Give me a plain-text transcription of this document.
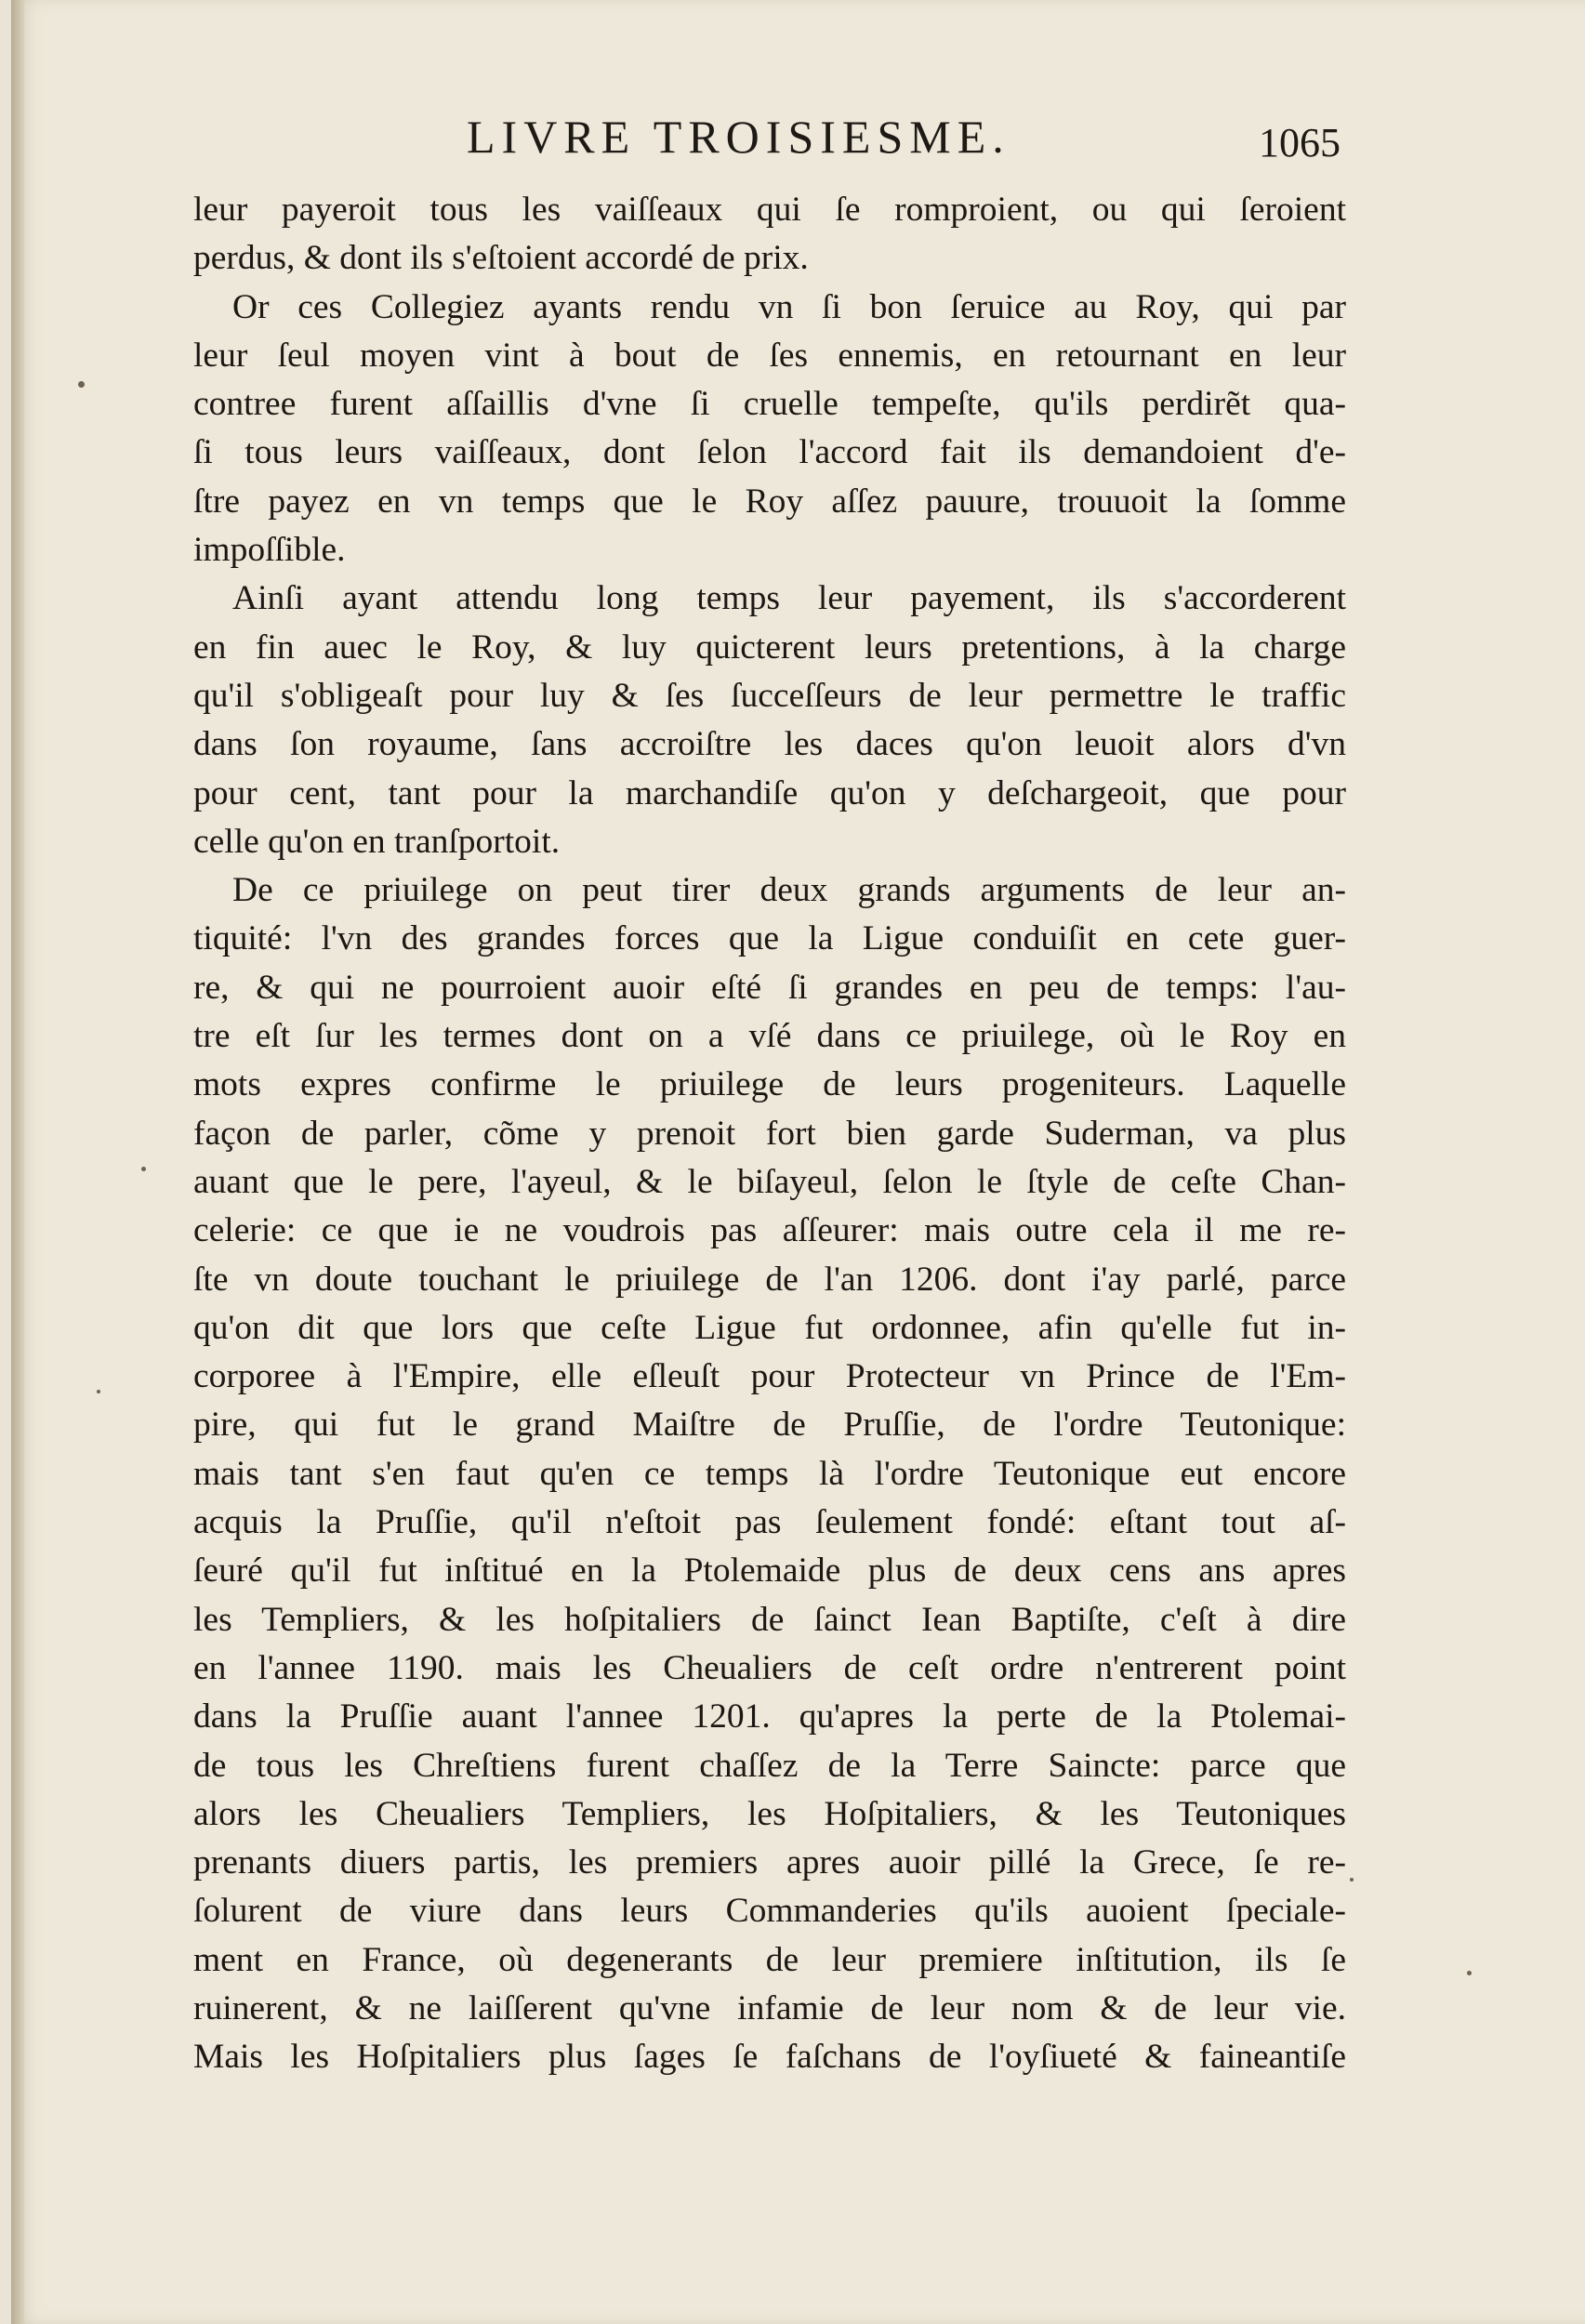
LIVRE TROISIESME.	1065
leur payeroit tous les vaiſſeaux qui ſe romproient, ou qui ſeroient
perdus, & dont ils s'eſtoient accordé de prix.
Or ces Collegiez ayants rendu vn ſi bon ſeruice au Roy, qui par
leur ſeul moyen vint à bout de ſes ennemis, en retournant en leur
contree furent aſſaillis d'vne ſi cruelle tempeſte, qu'ils perdirẽt qua-
ſi tous leurs vaiſſeaux, dont ſelon l'accord fait ils demandoient d'e-
ſtre payez en vn temps que le Roy aſſez pauure, trouuoit la ſomme
impoſſible.
Ainſi ayant attendu long temps leur payement, ils s'accorderent
en fin auec le Roy, & luy quicterent leurs pretentions, à la charge
qu'il s'obligeaſt pour luy & ſes ſucceſſeurs de leur permettre le traffic
dans ſon royaume, ſans accroiſtre les daces qu'on leuoit alors d'vn
pour cent, tant pour la marchandiſe qu'on y deſchargeoit, que pour
celle qu'on en tranſportoit.
De ce priuilege on peut tirer deux grands arguments de leur an-
tiquité: l'vn des grandes forces que la Ligue conduiſit en cete guer-
re, & qui ne pourroient auoir eſté ſi grandes en peu de temps: l'au-
tre eſt ſur les termes dont on a vſé dans ce priuilege, où le Roy en
mots expres confirme le priuilege de leurs progeniteurs. Laquelle
façon de parler, cõme y prenoit fort bien garde Suderman, va plus
auant que le pere, l'ayeul, & le biſayeul, ſelon le ſtyle de ceſte Chan-
celerie: ce que ie ne voudrois pas aſſeurer: mais outre cela il me re-
ſte vn doute touchant le priuilege de l'an 1206. dont i'ay parlé, parce
qu'on dit que lors que ceſte Ligue fut ordonnee, afin qu'elle fut in-
corporee à l'Empire, elle eſleuſt pour Protecteur vn Prince de l'Em-
pire, qui fut le grand Maiſtre de Pruſſie, de l'ordre Teutonique:
mais tant s'en faut qu'en ce temps là l'ordre Teutonique eut encore
acquis la Pruſſie, qu'il n'eſtoit pas ſeulement fondé: eſtant tout aſ-
ſeuré qu'il fut inſtitué en la Ptolemaide plus de deux cens ans apres
les Templiers, & les hoſpitaliers de ſainct Iean Baptiſte, c'eſt à dire
en l'annee 1190. mais les Cheualiers de ceſt ordre n'entrerent point
dans la Pruſſie auant l'annee 1201. qu'apres la perte de la Ptolemai-
de tous les Chreſtiens furent chaſſez de la Terre Saincte: parce que
alors les Cheualiers Templiers, les Hoſpitaliers, & les Teutoniques
prenants diuers partis, les premiers apres auoir pillé la Grece, ſe re-
ſolurent de viure dans leurs Commanderies qu'ils auoient ſpeciale-
ment en France, où degenerants de leur premiere inſtitution, ils ſe
ruinerent, & ne laiſſerent qu'vne infamie de leur nom & de leur vie.
Mais les Hoſpitaliers plus ſages ſe faſchans de l'oyſiueté & faineantiſe
